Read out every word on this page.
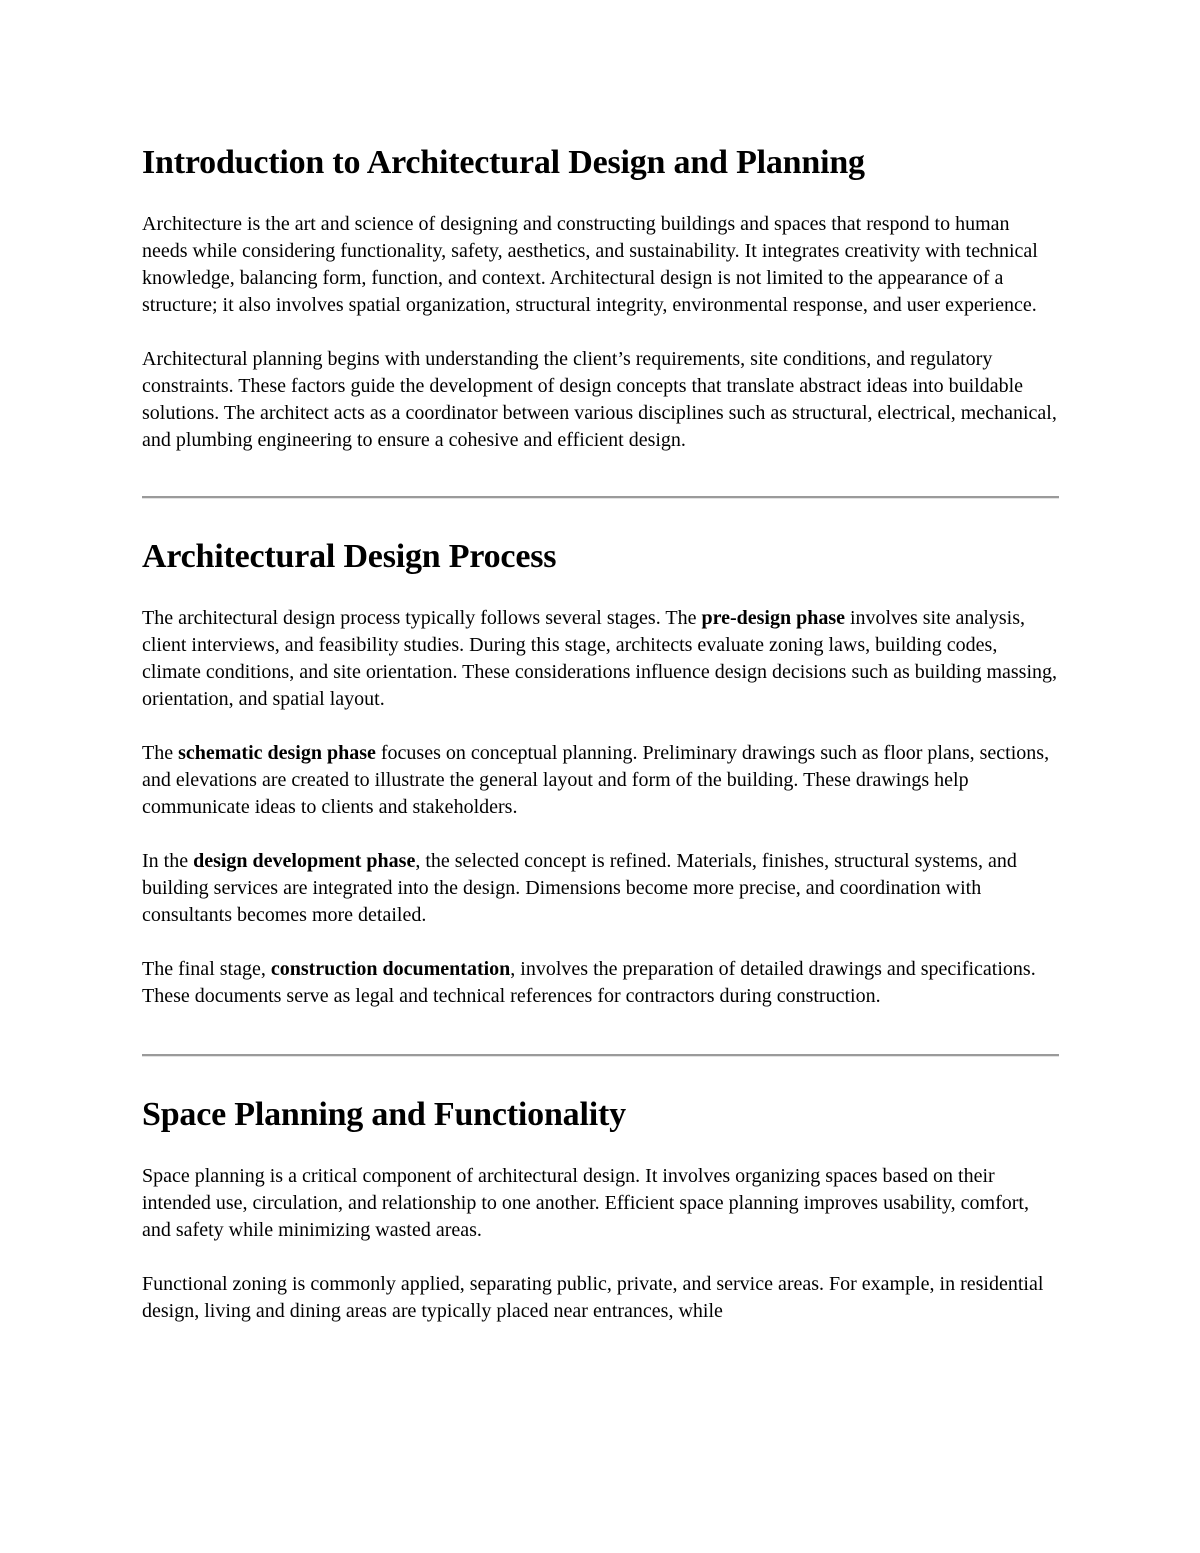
Introduction to Architectural Design and Planning

Architecture is the art and science of designing and constructing buildings and spaces that respond to human needs while considering functionality, safety, aesthetics, and sustainability. It integrates creativity with technical knowledge, balancing form, function, and context. Architectural design is not limited to the appearance of a structure; it also involves spatial organization, structural integrity, environmental response, and user experience.

Architectural planning begins with understanding the client’s requirements, site conditions, and regulatory constraints. These factors guide the development of design concepts that translate abstract ideas into buildable solutions. The architect acts as a coordinator between various disciplines such as structural, electrical, mechanical, and plumbing engineering to ensure a cohesive and efficient design.

Architectural Design Process

The architectural design process typically follows several stages. The pre-design phase involves site analysis, client interviews, and feasibility studies. During this stage, architects evaluate zoning laws, building codes, climate conditions, and site orientation. These considerations influence design decisions such as building massing, orientation, and spatial layout.

The schematic design phase focuses on conceptual planning. Preliminary drawings such as floor plans, sections, and elevations are created to illustrate the general layout and form of the building. These drawings help communicate ideas to clients and stakeholders.

In the design development phase, the selected concept is refined. Materials, finishes, structural systems, and building services are integrated into the design. Dimensions become more precise, and coordination with consultants becomes more detailed.

The final stage, construction documentation, involves the preparation of detailed drawings and specifications. These documents serve as legal and technical references for contractors during construction.

Space Planning and Functionality

Space planning is a critical component of architectural design. It involves organizing spaces based on their intended use, circulation, and relationship to one another. Efficient space planning improves usability, comfort, and safety while minimizing wasted areas.

Functional zoning is commonly applied, separating public, private, and service areas. For example, in residential design, living and dining areas are typically placed near entrances, while
